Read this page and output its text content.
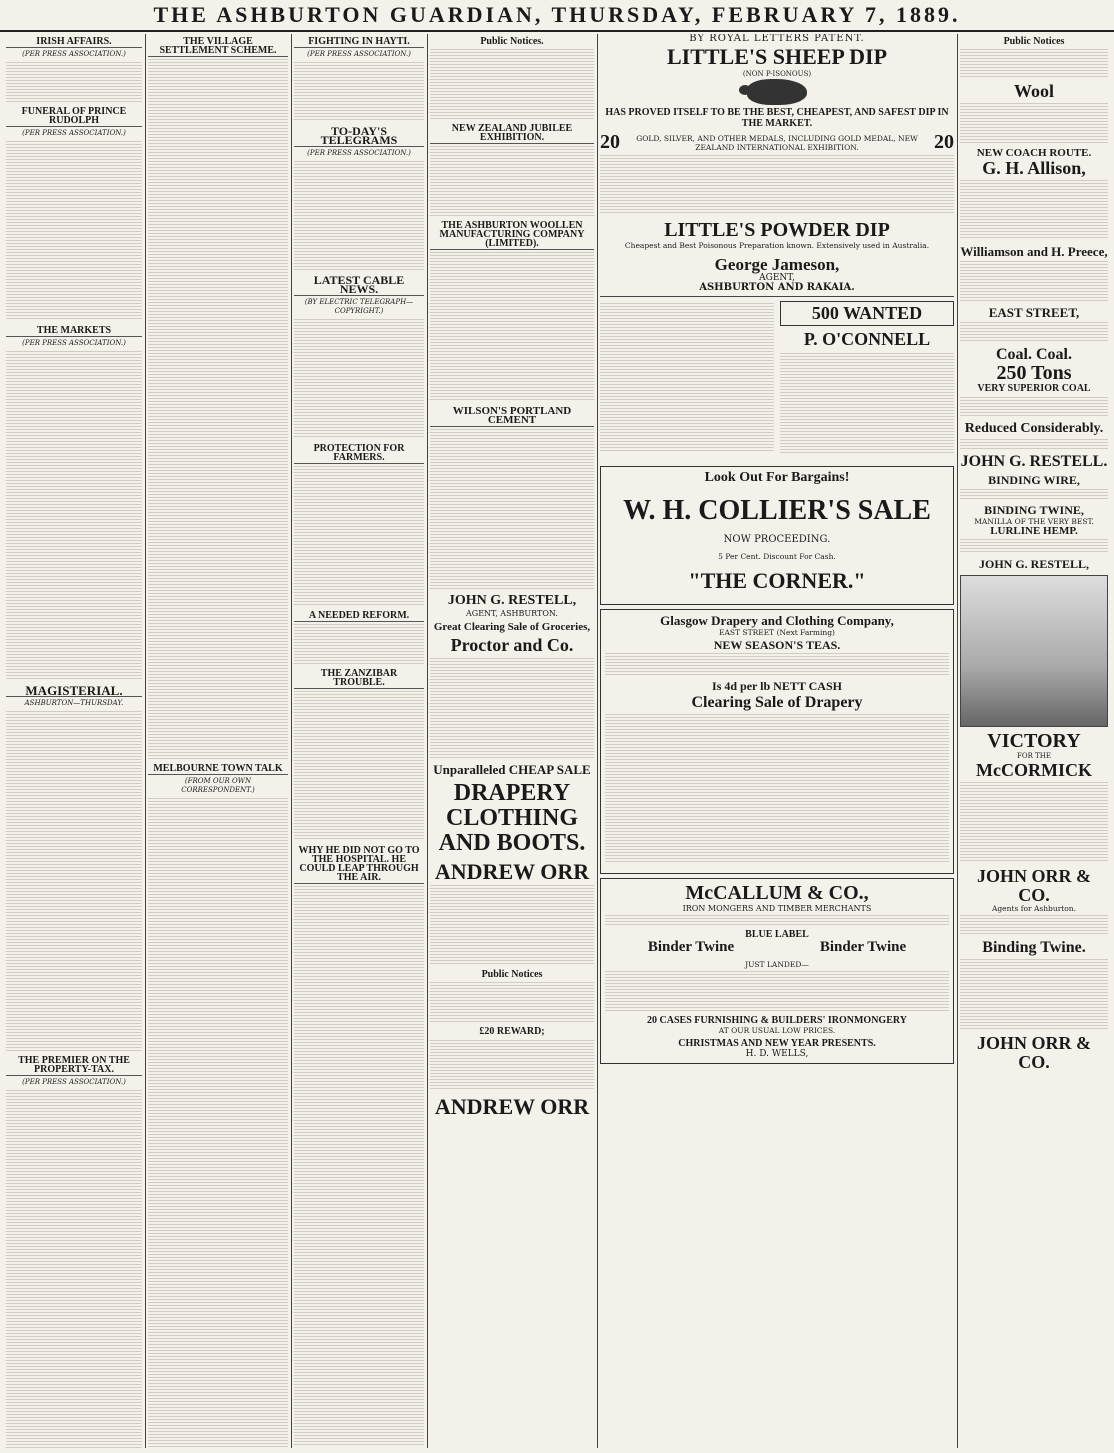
THE ASHBURTON GUARDIAN, THURSDAY, FEBRUARY 7, 1889.
IRISH AFFAIRS.
(PER PRESS ASSOCIATION.)
FUNERAL OF PRINCE RUDOLPH
(PER PRESS ASSOCIATION.)
THE MARKETS
(PER PRESS ASSOCIATION.)
MAGISTERIAL.
ASHBURTON—THURSDAY.
THE PREMIER ON THE PROPERTY-TAX.
(PER PRESS ASSOCIATION.)
THE VILLAGE SETTLEMENT SCHEME.
MELBOURNE TOWN TALK
(FROM OUR OWN CORRESPONDENT.)
FIGHTING IN HAYTI.
(PER PRESS ASSOCIATION.)
TO-DAY'S TELEGRAMS
(PER PRESS ASSOCIATION.)
LATEST CABLE NEWS.
(BY ELECTRIC TELEGRAPH—COPYRIGHT.)
PROTECTION FOR FARMERS.
A NEEDED REFORM.
THE ZANZIBAR TROUBLE.
WHY HE DID NOT GO TO THE HOSPITAL. HE COULD LEAP THROUGH THE AIR.
Public Notices.
NEW ZEALAND JUBILEE EXHIBITION.
THE ASHBURTON WOOLLEN MANUFACTURING COMPANY (LIMITED).
WILSON'S PORTLAND CEMENT
JOHN G. RESTELL,
AGENT, ASHBURTON.
Great Clearing Sale of Groceries,
Proctor and Co.
Unparalleled CHEAP SALE
DRAPERY CLOTHING AND BOOTS.
ANDREW ORR
Public Notices
£20 REWARD;
ANDREW ORR
BY ROYAL LETTERS PATENT.
LITTLE'S SHEEP DIP
(NON P-ISONOUS)
HAS PROVED ITSELF TO BE THE BEST, CHEAPEST, AND SAFEST DIP IN THE MARKET.
20	GOLD, SILVER, AND OTHER MEDALS, INCLUDING GOLD MEDAL, NEW ZEALAND INTERNATIONAL EXHIBITION.	20
LITTLE'S POWDER DIP
Cheapest and Best Poisonous Preparation known. Extensively used in Australia.
George Jameson,
AGENT,
ASHBURTON AND RAKAIA.
500 WANTED
P. O'CONNELL
Look Out For Bargains!
W. H. COLLIER'S SALE
NOW PROCEEDING.
5 Per Cent. Discount For Cash.
"THE CORNER."
Glasgow Drapery and Clothing Company,
EAST STREET (Next Farming)
NEW SEASON'S TEAS.
Is 4d per lb NETT CASH
Clearing Sale of Drapery
McCALLUM & CO.,
IRON MONGERS AND TIMBER MERCHANTS
BLUE LABEL
Binder Twine	Binder Twine
JUST LANDED—
20 CASES FURNISHING & BUILDERS' IRONMONGERY
AT OUR USUAL LOW PRICES.
CHRISTMAS AND NEW YEAR PRESENTS.
H. D. WELLS,
Public Notices
Wool
NEW COACH ROUTE.
G. H. Allison,
Williamson and H. Preece,
EAST STREET,
Coal. Coal.
250 Tons
VERY SUPERIOR COAL
Reduced Considerably.
JOHN G. RESTELL.
BINDING WIRE,
BINDING TWINE,
MANILLA OF THE VERY BEST.
LURLINE HEMP.
JOHN G. RESTELL,
VICTORY
FOR THE
McCORMICK
JOHN ORR & CO.
Agents for Ashburton.
Binding Twine.
JOHN ORR & CO.
